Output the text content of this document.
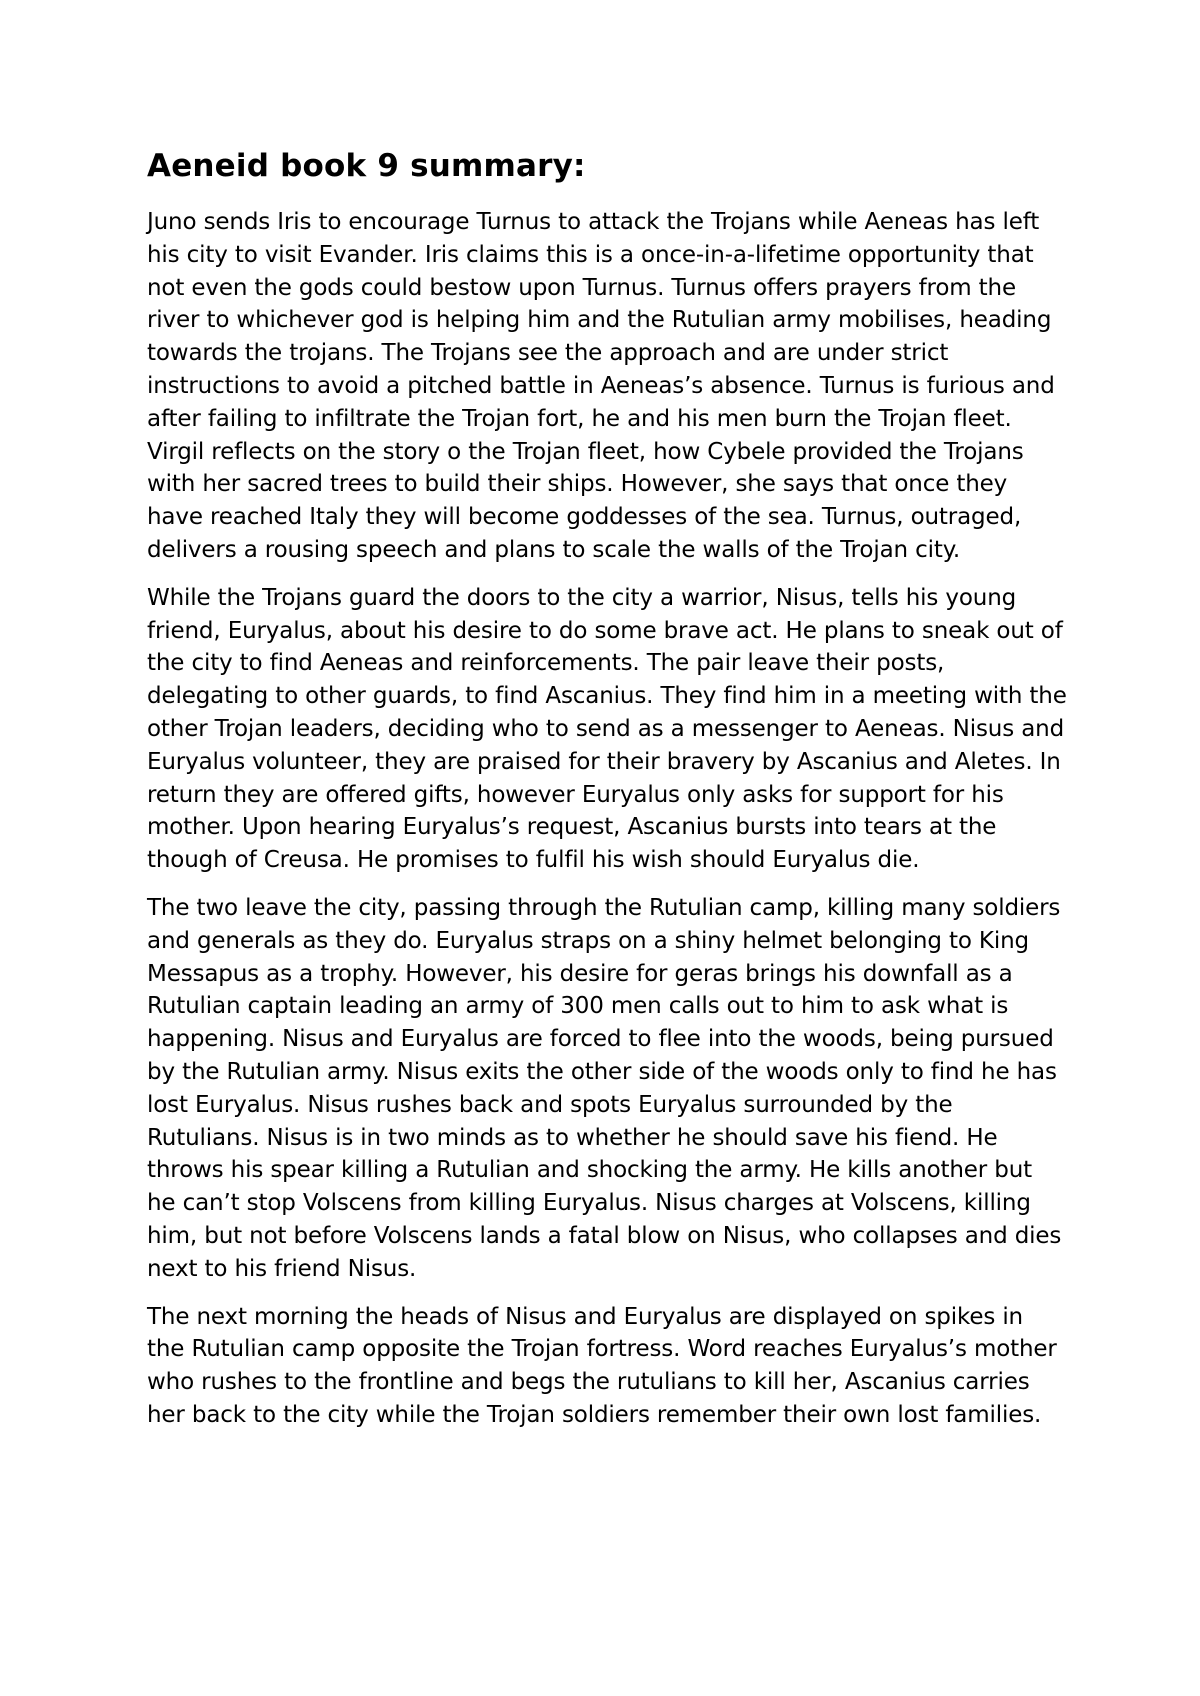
Aeneid book 9 summary:

Juno sends Iris to encourage Turnus to attack the Trojans while Aeneas has left his city to visit Evander. Iris claims this is a once-in-a-lifetime opportunity that not even the gods could bestow upon Turnus. Turnus offers prayers from the river to whichever god is helping him and the Rutulian army mobilises, heading towards the trojans. The Trojans see the approach and are under strict instructions to avoid a pitched battle in Aeneas’s absence. Turnus is furious and after failing to infiltrate the Trojan fort, he and his men burn the Trojan fleet. Virgil reflects on the story o the Trojan fleet, how Cybele provided the Trojans with her sacred trees to build their ships. However, she says that once they have reached Italy they will become goddesses of the sea. Turnus, outraged, delivers a rousing speech and plans to scale the walls of the Trojan city.

While the Trojans guard the doors to the city a warrior, Nisus, tells his young friend, Euryalus, about his desire to do some brave act. He plans to sneak out of the city to find Aeneas and reinforcements. The pair leave their posts, delegating to other guards, to find Ascanius. They find him in a meeting with the other Trojan leaders, deciding who to send as a messenger to Aeneas. Nisus and Euryalus volunteer, they are praised for their bravery by Ascanius and Aletes. In return they are offered gifts, however Euryalus only asks for support for his mother. Upon hearing Euryalus’s request, Ascanius bursts into tears at the though of Creusa. He promises to fulfil his wish should Euryalus die.

The two leave the city, passing through the Rutulian camp, killing many soldiers and generals as they do. Euryalus straps on a shiny helmet belonging to King Messapus as a trophy. However, his desire for geras brings his downfall as a Rutulian captain leading an army of 300 men calls out to him to ask what is happening. Nisus and Euryalus are forced to flee into the woods, being pursued by the Rutulian army. Nisus exits the other side of the woods only to find he has lost Euryalus. Nisus rushes back and spots Euryalus surrounded by the Rutulians. Nisus is in two minds as to whether he should save his fiend. He throws his spear killing a Rutulian and shocking the army. He kills another but he can’t stop Volscens from killing Euryalus. Nisus charges at Volscens, killing him, but not before Volscens lands a fatal blow on Nisus, who collapses and dies next to his friend Nisus.

The next morning the heads of Nisus and Euryalus are displayed on spikes in the Rutulian camp opposite the Trojan fortress. Word reaches Euryalus’s mother who rushes to the frontline and begs the rutulians to kill her, Ascanius carries her back to the city while the Trojan soldiers remember their own lost families.
